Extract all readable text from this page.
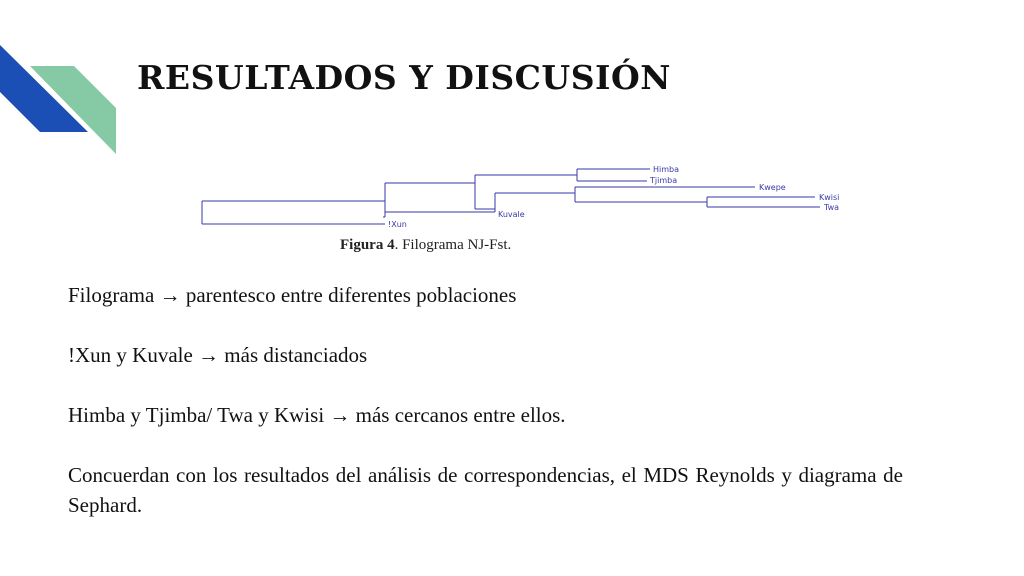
RESULTADOS Y DISCUSIÓN
Himba
Tjimba
Kwepe
Kwisi
Twa
Kuvale
!Xun
Figura 4. Filograma NJ-Fst.

Filograma → parentesco entre diferentes poblaciones

!Xun y Kuvale → más distanciados

Himba y Tjimba/ Twa y Kwisi → más cercanos entre ellos.

Concuerdan con los resultados del análisis de correspondencias, el MDS Reynolds y diagrama de Sephard.
